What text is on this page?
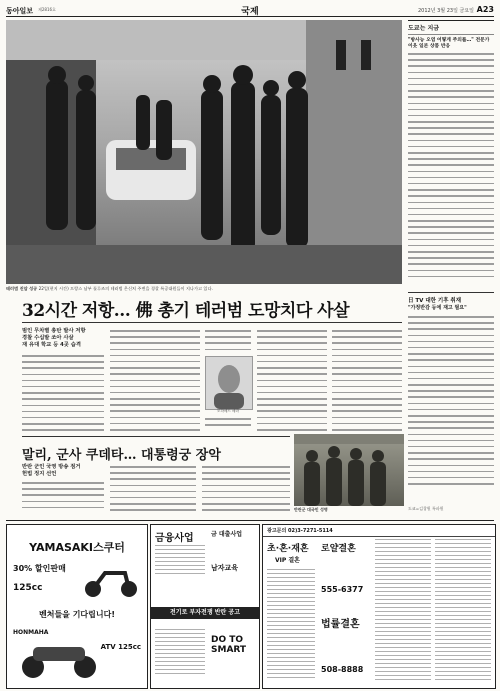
동아일보 제2816호	국제	2012년 3월 23일 금요일 A23
테러범 진압 성공 22일(현지 시간) 프랑스 남부 툴루즈의 테러범 은신처 주변을 경찰 특공대원들이 지나가고 있다.
32시간 저항… 佛 총기 테러범 도망치다 사살
범인 무차별 총탄 발사 저항
경찰 수십발 쏘아 사살
재 유대 학교 등 4곳 습격
모하메드 메라
말리, 군사 쿠데타… 대통령궁 장악
반란 군인 국영 방송 점거
헌법 정지 선언
반란군 대국민 성명
도쿄는 지금
"방사능 오염 어떻게 주의를…" 전문가 이웃 일본 상품 반응
日 TV 대한 기후 취재
"가정반감 등에 재고 필요"
도쿄=김창원 특파원
YAMASAKI스쿠터
30% 할인판매
125cc
벤처들을 기다립니다!
HONMAHA
ATV 125cc
금융사업	금 대출사업
남자교육
전기로 부자전쟁 반란 공고
DO TO SMART
광고문의 02)3-7271-5114
초·혼·재혼
VIP 결혼
로얄결혼
555-6377
법률결혼
508-8888
